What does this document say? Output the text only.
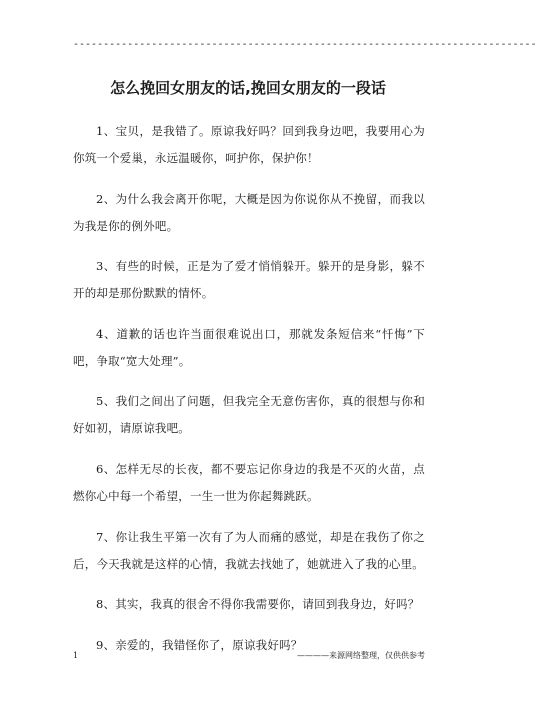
-----------------------------------------------------------------------------
怎么挽回女朋友的话,挽回女朋友的一段话

1、宝贝，是我错了。原谅我好吗？回到我身边吧，我要用心为你筑一个爱巢，永远温暖你，呵护你，保护你！

2、为什么我会离开你呢，大概是因为你说你从不挽留，而我以为我是你的例外吧。

3、有些的时候，正是为了爱才悄悄躲开。躲开的是身影，躲不开的却是那份默默的情怀。

4、道歉的话也许当面很难说出口，那就发条短信来“忏悔”下吧，争取“宽大处理”。

5、我们之间出了问题，但我完全无意伤害你，真的很想与你和好如初，请原谅我吧。

6、怎样无尽的长夜，都不要忘记你身边的我是不灭的火苗，点燃你心中每一个希望，一生一世为你起舞跳跃。

7、你让我生平第一次有了为人而痛的感觉，却是在我伤了你之后，今天我就是这样的心情，我就去找她了，她就进入了我的心里。

8、其实，我真的很舍不得你我需要你，请回到我身边，好吗？

9、亲爱的，我错怪你了，原谅我好吗？

1	————来源网络整理，仅供供参考
